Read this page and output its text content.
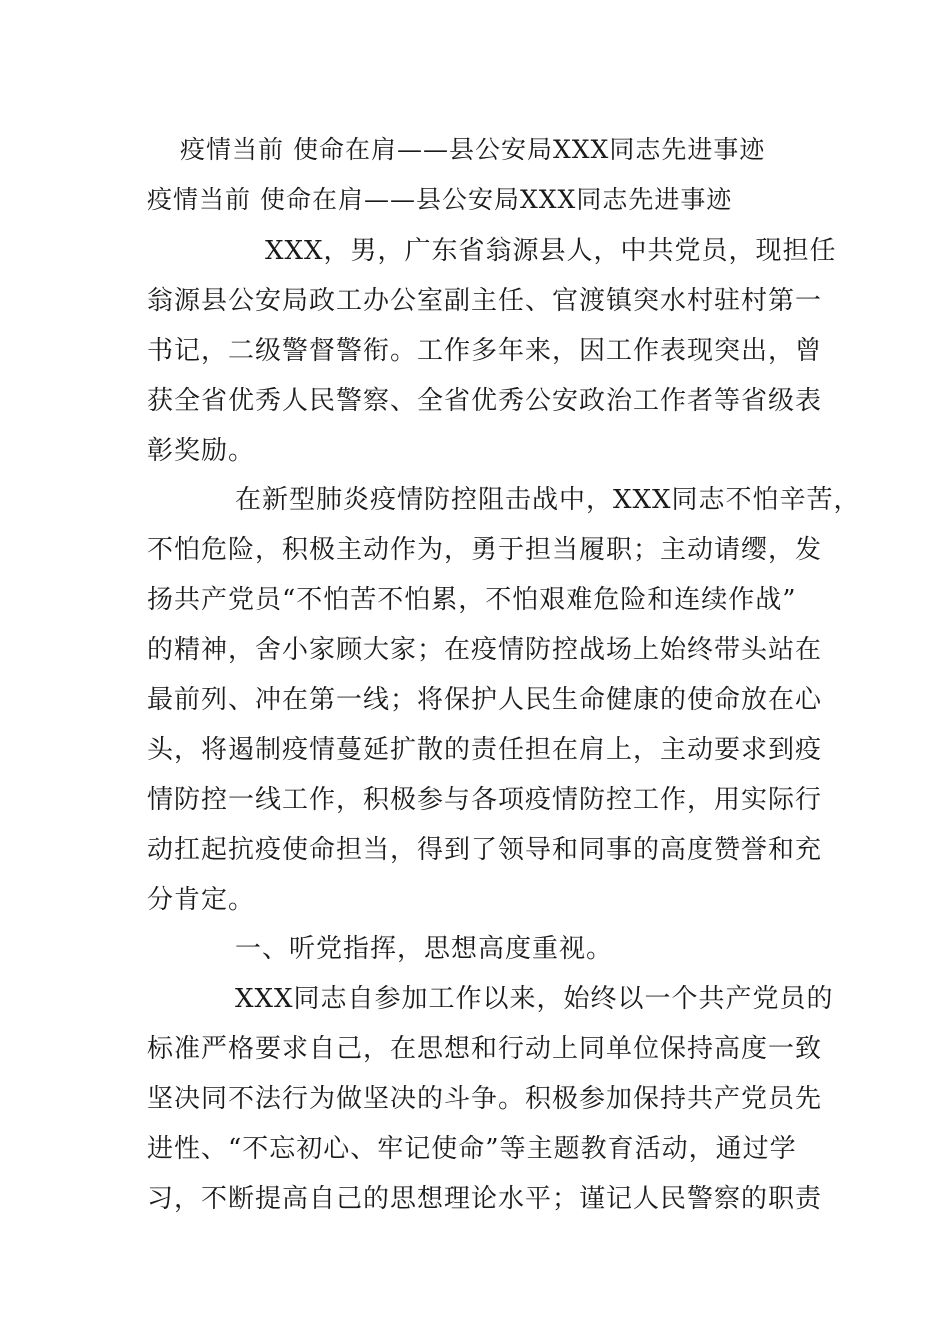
疫情当前 使命在肩——县公安局XXX同志先进事迹
疫情当前 使命在肩——县公安局XXX同志先进事迹
XXX，男，广东省翁源县人，中共党员，现担任
翁源县公安局政工办公室副主任、官渡镇突水村驻村第一
书记，二级警督警衔。工作多年来，因工作表现突出，曾
获全省优秀人民警察、全省优秀公安政治工作者等省级表
彰奖励。
在新型肺炎疫情防控阻击战中，XXX同志不怕辛苦，
不怕危险，积极主动作为，勇于担当履职；主动请缨，发
扬共产党员“不怕苦不怕累，不怕艰难危险和连续作战”
的精神，舍小家顾大家；在疫情防控战场上始终带头站在
最前列、冲在第一线；将保护人民生命健康的使命放在心
头，将遏制疫情蔓延扩散的责任担在肩上，主动要求到疫
情防控一线工作，积极参与各项疫情防控工作，用实际行
动扛起抗疫使命担当，得到了领导和同事的高度赞誉和充
分肯定。
一、听党指挥，思想高度重视。
XXX同志自参加工作以来，始终以一个共产党员的
标准严格要求自己，在思想和行动上同单位保持高度一致
坚决同不法行为做坚决的斗争。积极参加保持共产党员先
进性、“不忘初心、牢记使命”等主题教育活动，通过学
习，不断提高自己的思想理论水平；谨记人民警察的职责
